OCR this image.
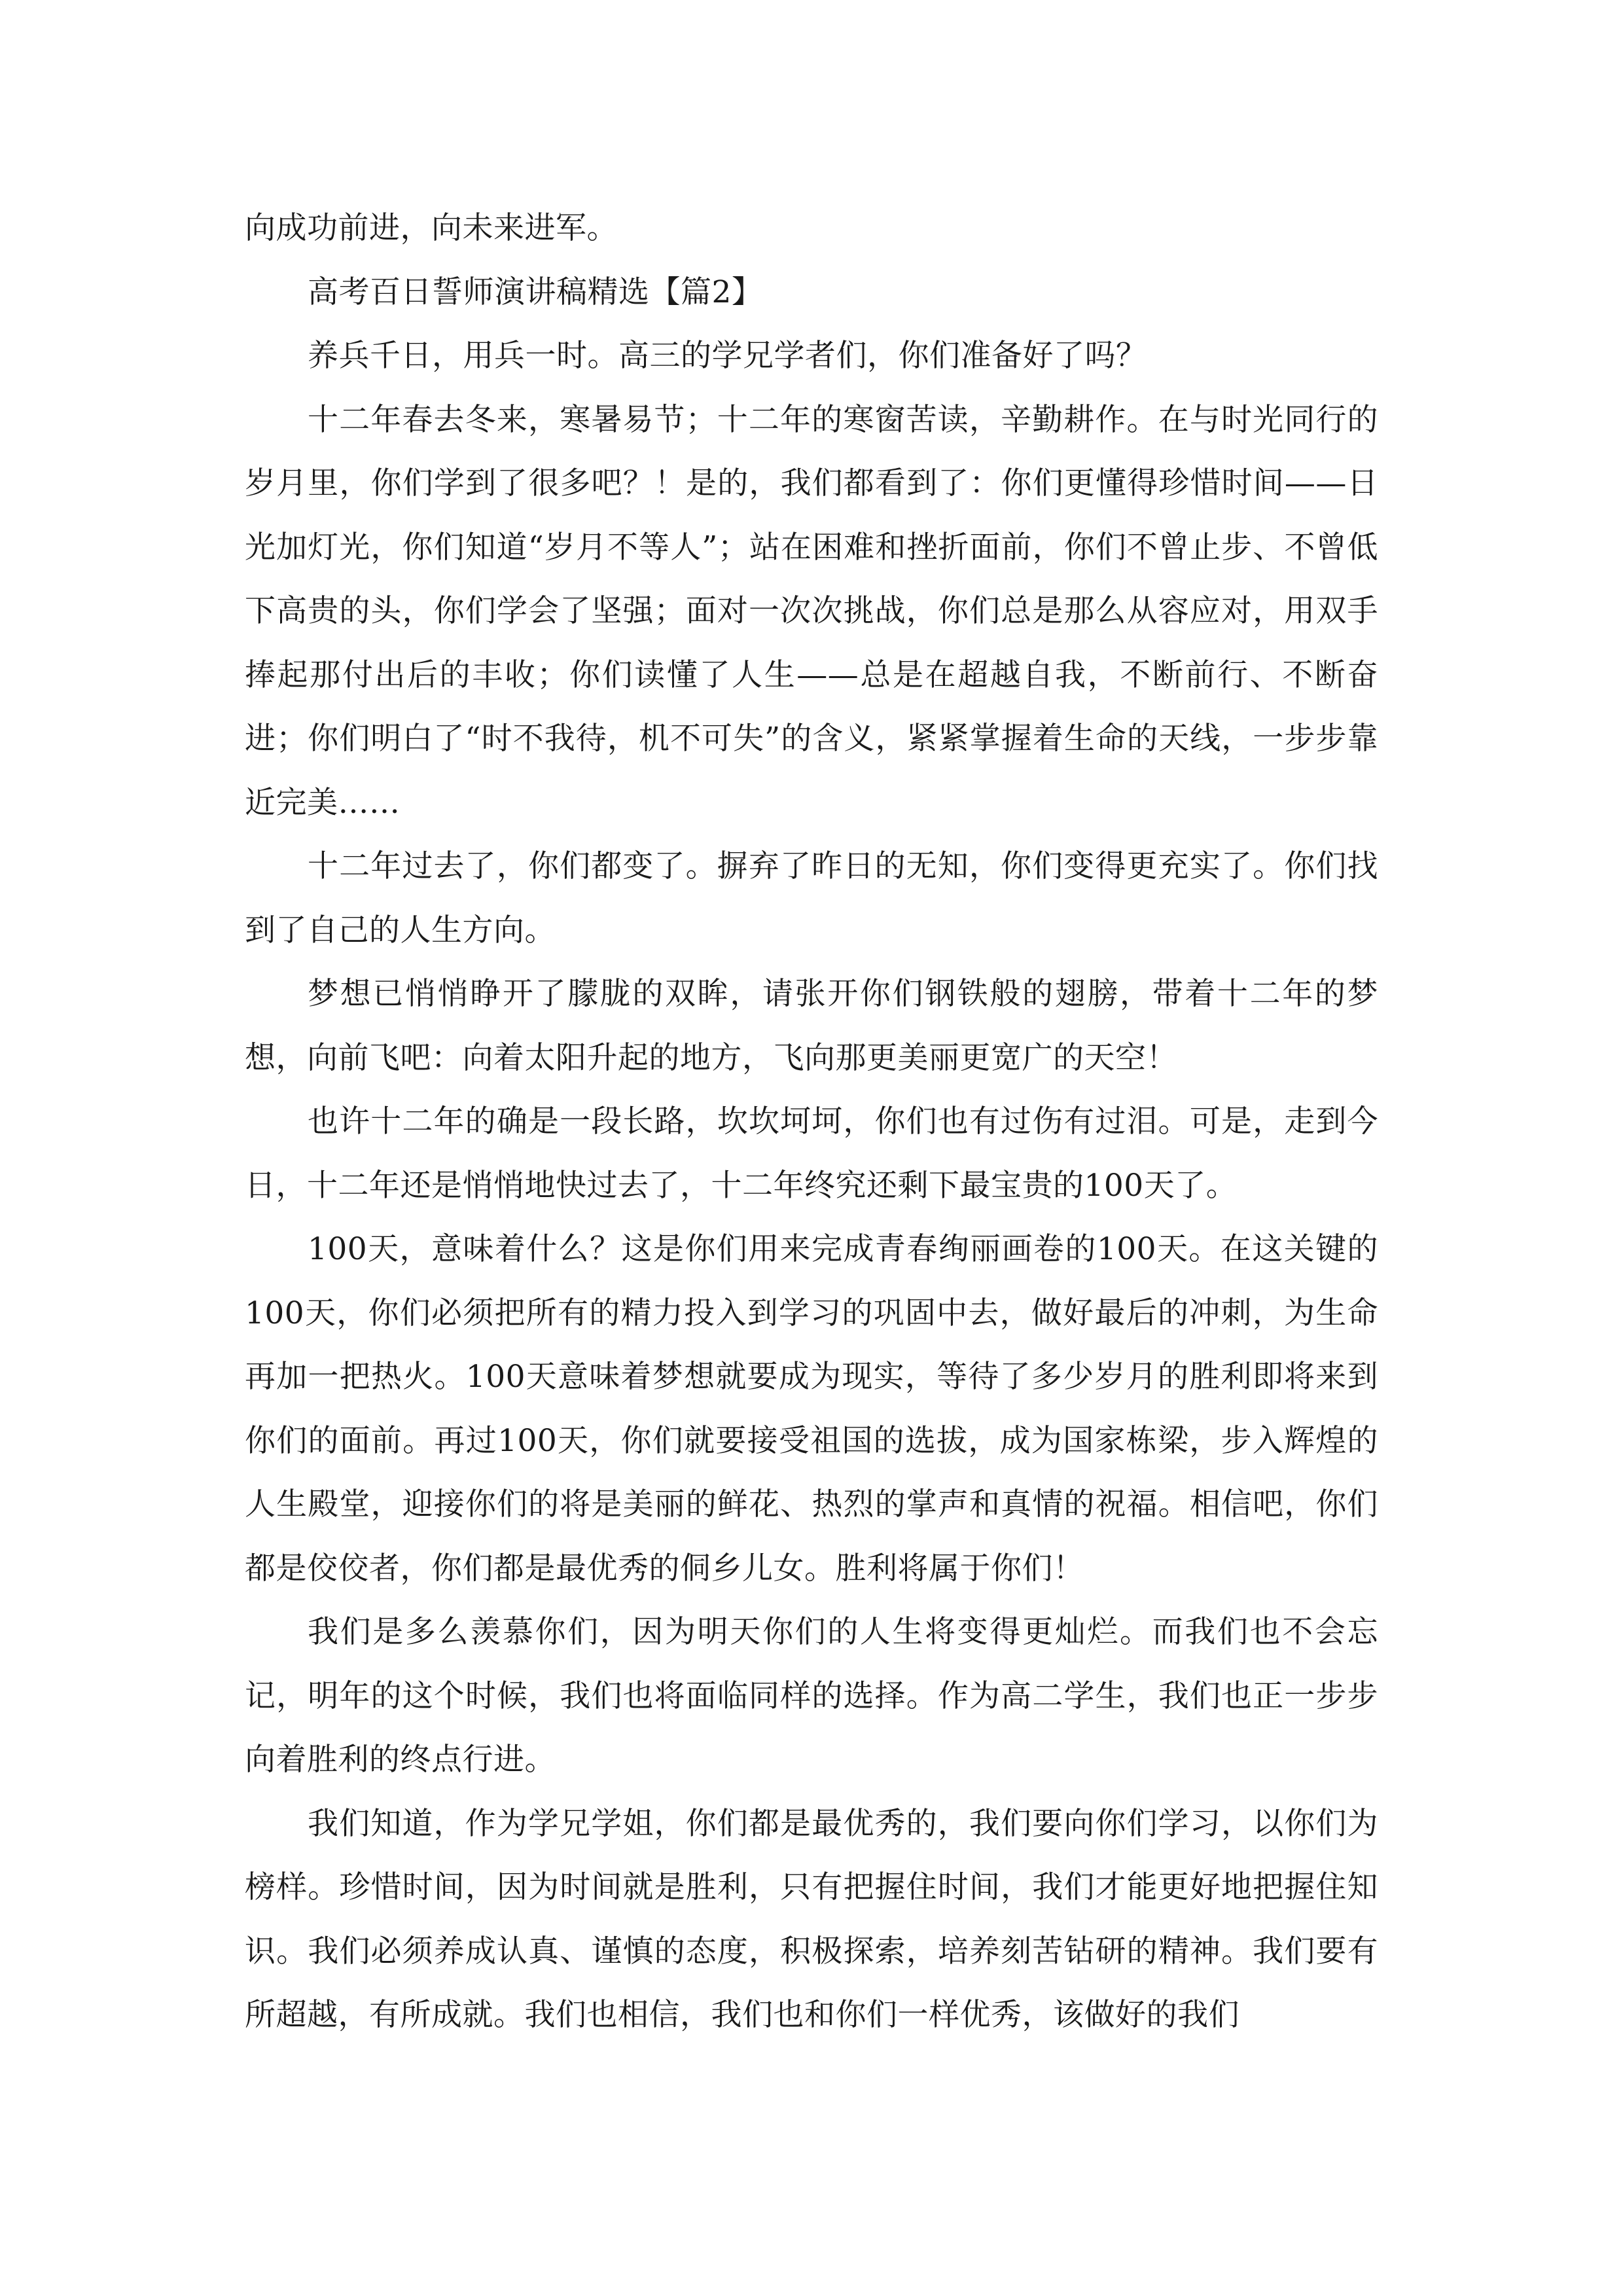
向成功前进，向未来进军。

高考百日誓师演讲稿精选【篇2】

养兵千日，用兵一时。高三的学兄学者们，你们准备好了吗？

十二年春去冬来，寒暑易节；十二年的寒窗苦读，辛勤耕作。在与时光同行的岁月里，你们学到了很多吧？！是的，我们都看到了：你们更懂得珍惜时间——日光加灯光，你们知道“岁月不等人”；站在困难和挫折面前，你们不曾止步、不曾低下高贵的头，你们学会了坚强；面对一次次挑战，你们总是那么从容应对，用双手捧起那付出后的丰收；你们读懂了人生——总是在超越自我，不断前行、不断奋进；你们明白了“时不我待，机不可失”的含义，紧紧掌握着生命的天线，一步步靠近完美……

十二年过去了，你们都变了。摒弃了昨日的无知，你们变得更充实了。你们找到了自己的人生方向。

梦想已悄悄睁开了朦胧的双眸，请张开你们钢铁般的翅膀，带着十二年的梦想，向前飞吧：向着太阳升起的地方，飞向那更美丽更宽广的天空！

也许十二年的确是一段长路，坎坎坷坷，你们也有过伤有过泪。可是，走到今日，十二年还是悄悄地快过去了，十二年终究还剩下最宝贵的100天了。

100天，意味着什么？这是你们用来完成青春绚丽画卷的100天。在这关键的100天，你们必须把所有的精力投入到学习的巩固中去，做好最后的冲刺，为生命再加一把热火。100天意味着梦想就要成为现实，等待了多少岁月的胜利即将来到你们的面前。再过100天，你们就要接受祖国的选拔，成为国家栋梁，步入辉煌的人生殿堂，迎接你们的将是美丽的鲜花、热烈的掌声和真情的祝福。相信吧，你们都是佼佼者，你们都是最优秀的侗乡儿女。胜利将属于你们！

我们是多么羡慕你们，因为明天你们的人生将变得更灿烂。而我们也不会忘记，明年的这个时候，我们也将面临同样的选择。作为高二学生，我们也正一步步向着胜利的终点行进。

我们知道，作为学兄学姐，你们都是最优秀的，我们要向你们学习，以你们为榜样。珍惜时间，因为时间就是胜利，只有把握住时间，我们才能更好地把握住知识。我们必须养成认真、谨慎的态度，积极探索，培养刻苦钻研的精神。我们要有所超越，有所成就。我们也相信，我们也和你们一样优秀，该做好的我们
